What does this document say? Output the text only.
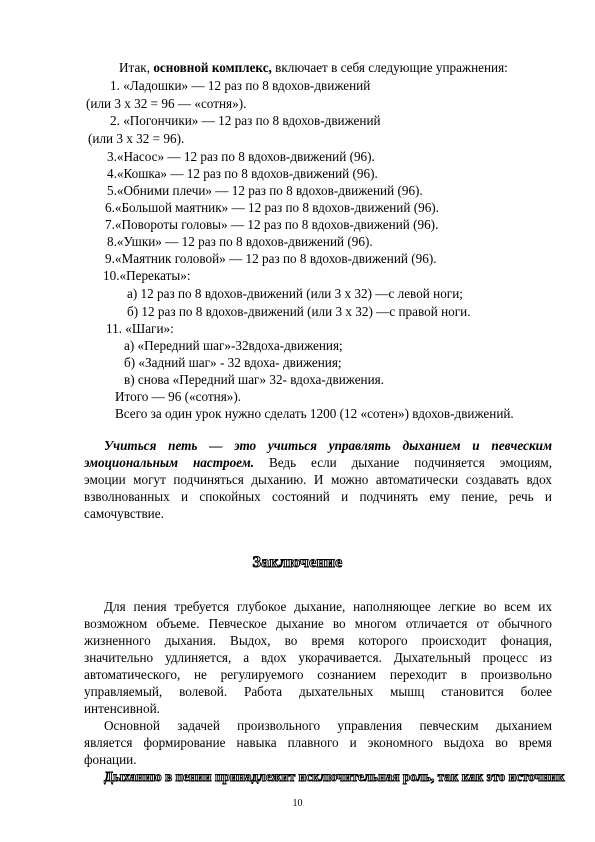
Итак, основной комплекс, включает в себя следующие упражнения:
1. «Ладошки» — 12 раз по 8 вдохов-движений
(или 3 х 32 = 96 — «сотня»).
2. «Погончики» — 12 раз по 8 вдохов-движений
(или 3 х 32 = 96).
3.«Насос» — 12 раз по 8 вдохов-движений (96).
4.«Кошка» — 12 раз по 8 вдохов-движений (96).
5.«Обними плечи» — 12 раз по 8 вдохов-движений (96).
6.«Большой маятник» — 12 раз по 8 вдохов-движений (96).
7.«Повороты головы» — 12 раз по 8 вдохов-движений (96).
8.«Ушки» — 12 раз по 8 вдохов-движений (96).
9.«Маятник головой» — 12 раз по 8 вдохов-движений (96).
10.«Перекаты»:
а) 12 раз по 8 вдохов-движений (или 3 х 32) —с левой ноги;
б) 12 раз по 8 вдохов-движений (или 3 х 32) —с правой ноги.
11. «Шаги»:
а) «Передний шаг»-32вдоха-движения;
б) «Задний шаг» - 32 вдоха- движения;
в) снова «Передний шаг» 32- вдоха-движения.
Итого — 96 («сотня»).
Всего за один урок нужно сделать 1200 (12 «сотен») вдохов-движений.
Учиться петь — это учиться управлять дыханием и певческим
эмоциональным настроем. Ведь если дыхание подчиняется эмоциям,
эмоции могут подчиняться дыханию. И можно автоматически создавать вдох
взволнованных и спокойных состояний и подчинять ему пение, речь и
самочувствие.
Заключение
Для пения требуется глубокое дыхание, наполняющее легкие во всем их
возможном объеме. Певческое дыхание во многом отличается от обычного
жизненного дыхания. Выдох, во время которого происходит фонация,
значительно удлиняется, а вдох укорачивается. Дыхательный процесс из
автоматического, не регулируемого сознанием переходит в произвольно
управляемый, волевой. Работа дыхательных мышц становится более
интенсивной.
Основной задачей произвольного управления певческим дыханием
является формирование навыка плавного и экономного выдоха во время
фонации.
Дыханию в пении принадлежит исключительная роль, так как это источник
10
